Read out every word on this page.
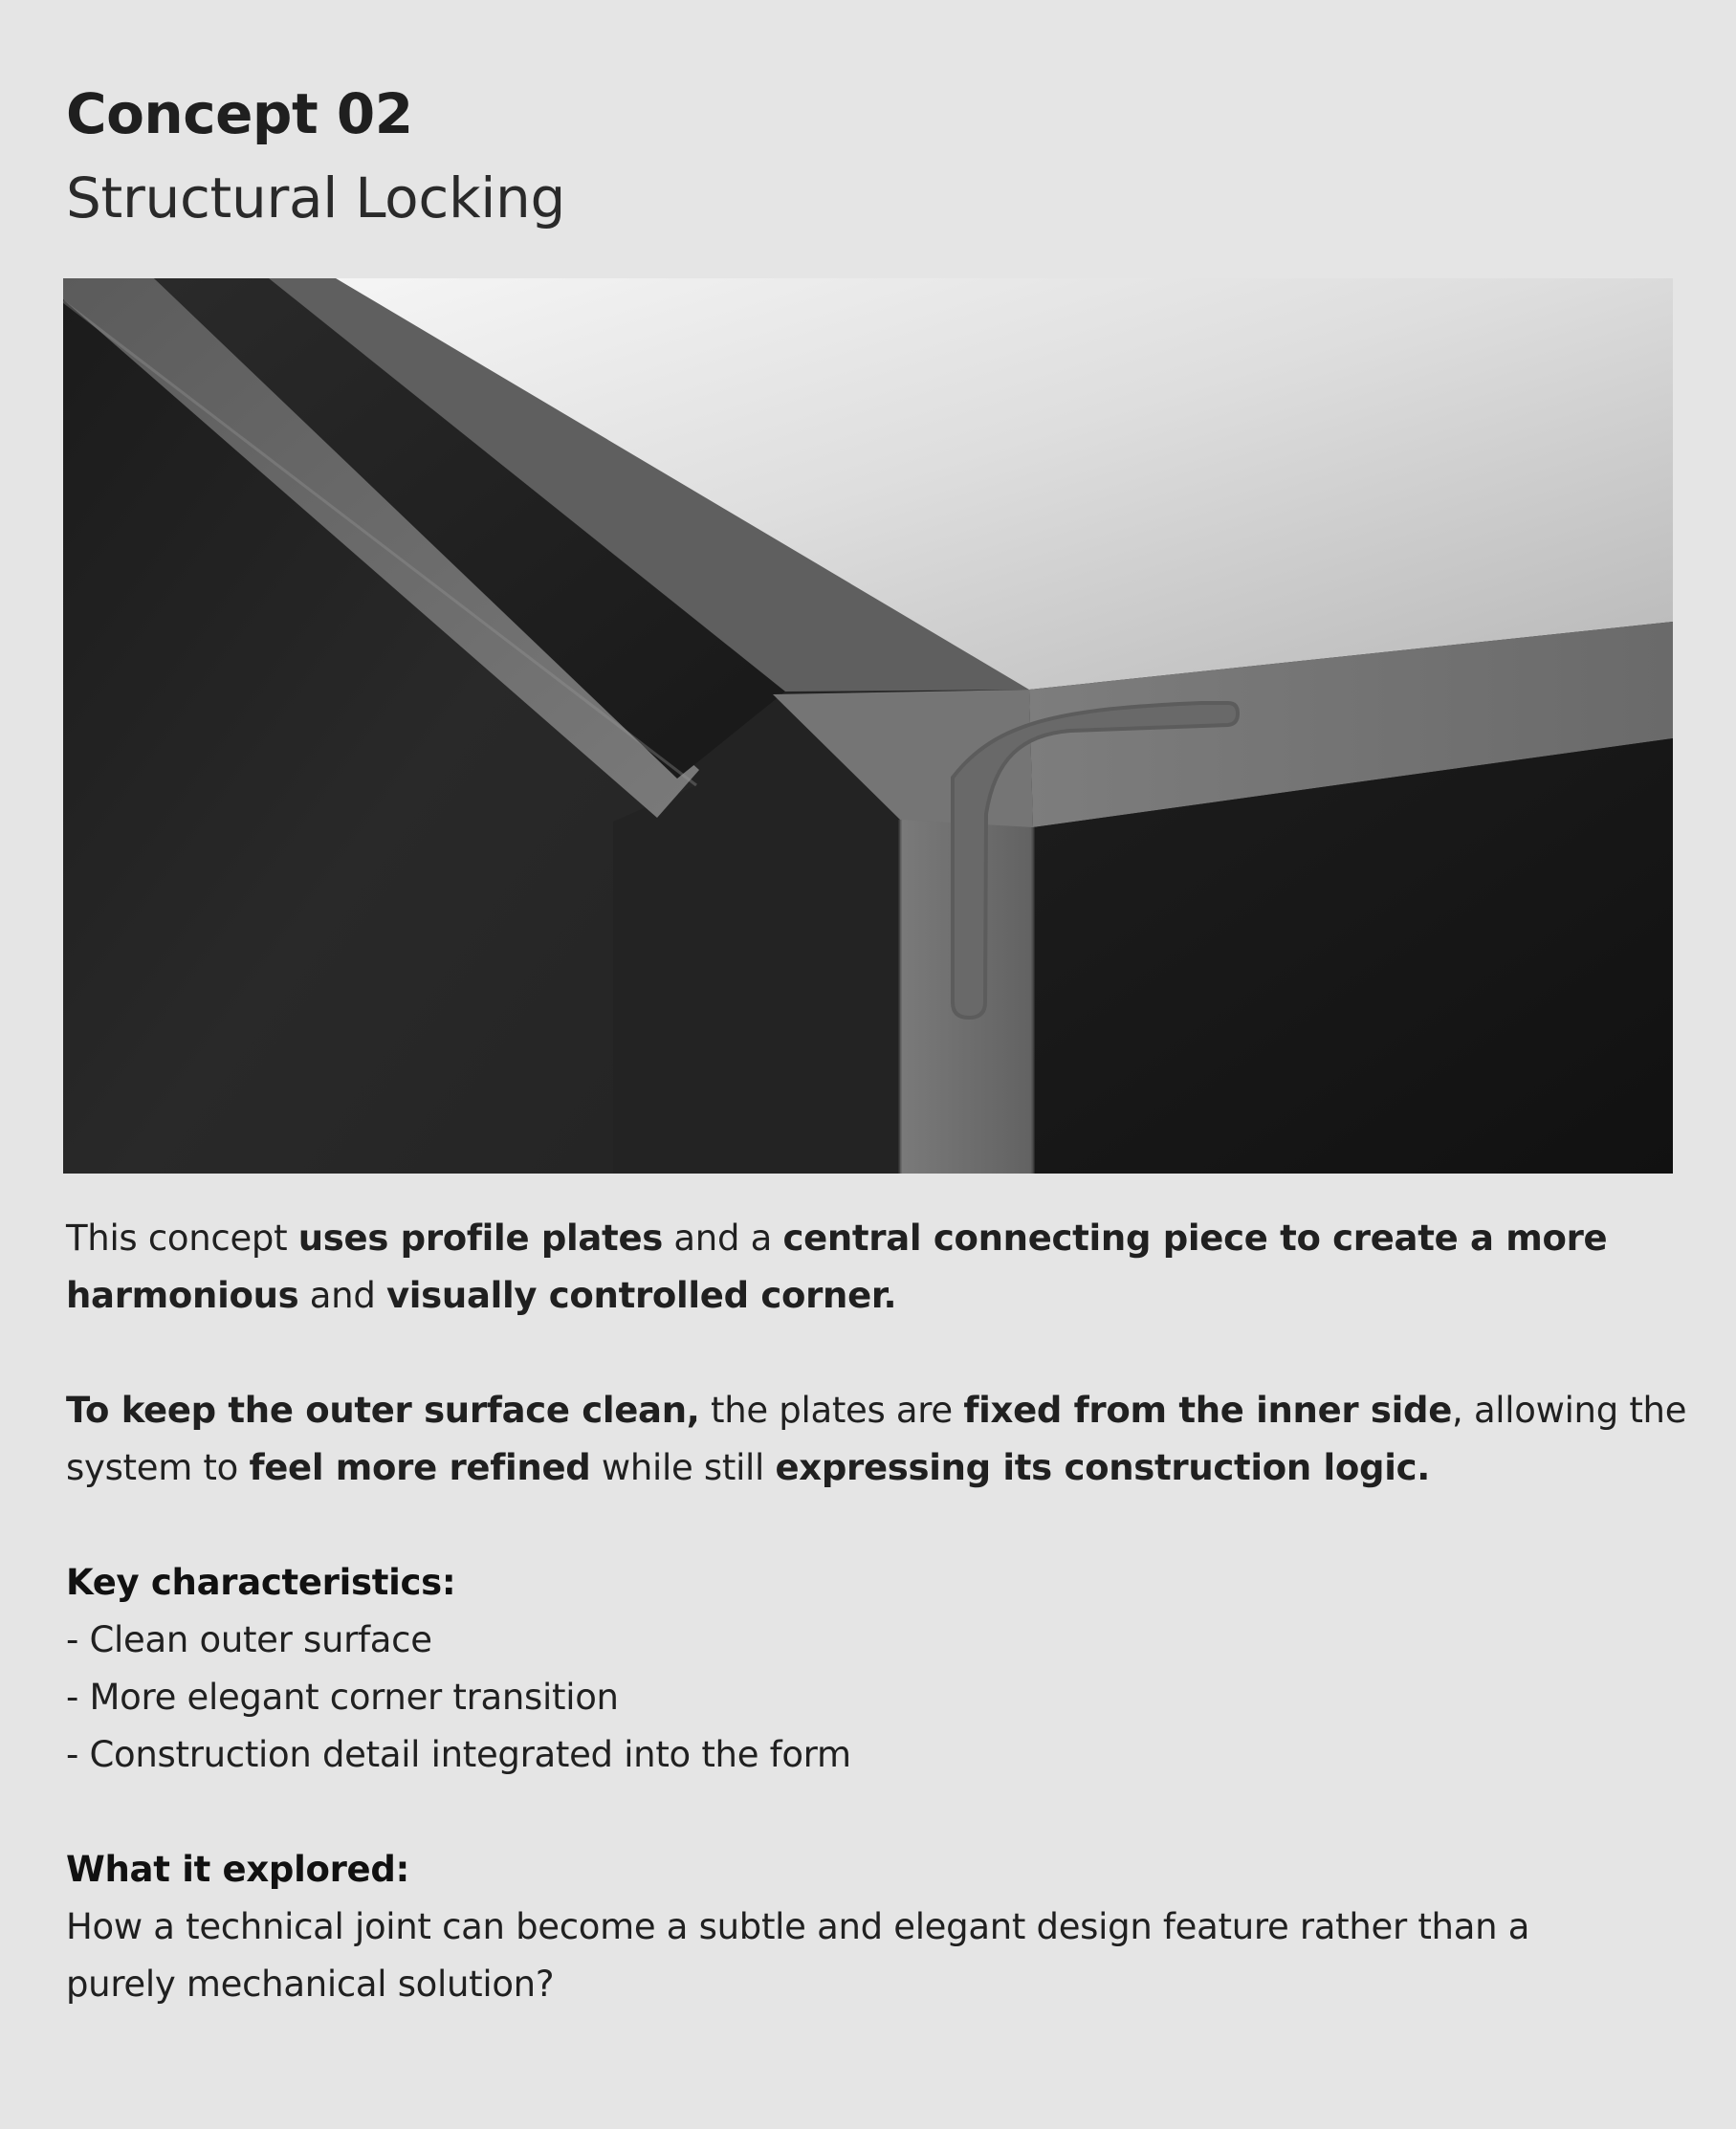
Concept 02
Structural Locking

This concept uses profile plates and a central connecting piece to create a more
harmonious and visually controlled corner.

To keep the outer surface clean, the plates are fixed from the inner side, allowing the
system to feel more refined while still expressing its construction logic.

Key characteristics:

- Clean outer surface

- More elegant corner transition

- Construction detail integrated into the form

What it explored:

How a technical joint can become a subtle and elegant design feature rather than a

purely mechanical solution?
